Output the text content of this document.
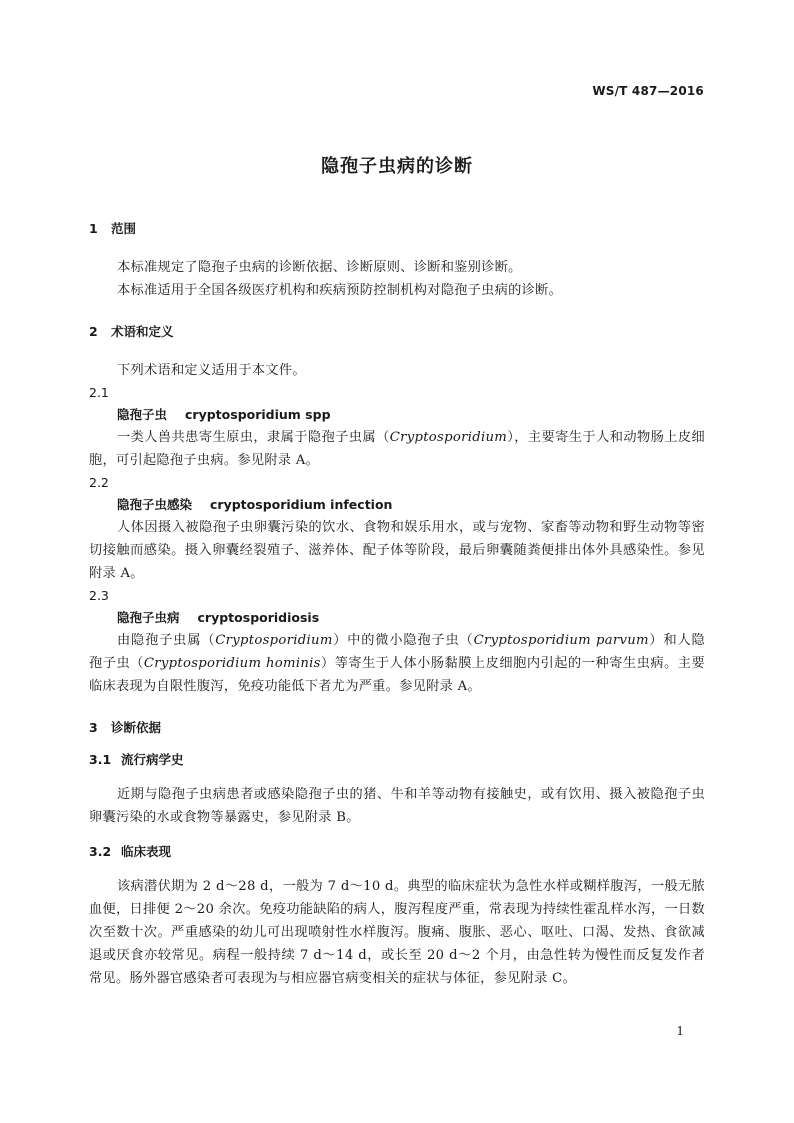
WS/T 487—2016
隐孢子虫病的诊断
1 范围
本标准规定了隐孢子虫病的诊断依据、诊断原则、诊断和鉴别诊断。
本标准适用于全国各级医疗机构和疾病预防控制机构对隐孢子虫病的诊断。
2 术语和定义
下列术语和定义适用于本文件。
2.1
隐孢子虫 cryptosporidium spp
一类人兽共患寄生原虫，隶属于隐孢子虫属（Cryptosporidium），主要寄生于人和动物肠上皮细胞，可引起隐孢子虫病。参见附录 A。
2.2
隐孢子虫感染 cryptosporidium infection
人体因摄入被隐孢子虫卵囊污染的饮水、食物和娱乐用水，或与宠物、家畜等动物和野生动物等密切接触而感染。摄入卵囊经裂殖子、滋养体、配子体等阶段，最后卵囊随粪便排出体外具感染性。参见附录 A。
2.3
隐孢子虫病 cryptosporidiosis
由隐孢子虫属（Cryptosporidium）中的微小隐孢子虫（Cryptosporidium parvum）和人隐孢子虫（Cryptosporidium hominis）等寄生于人体小肠黏膜上皮细胞内引起的一种寄生虫病。主要临床表现为自限性腹泻，免疫功能低下者尤为严重。参见附录 A。
3 诊断依据
3.1 流行病学史
近期与隐孢子虫病患者或感染隐孢子虫的猪、牛和羊等动物有接触史，或有饮用、摄入被隐孢子虫卵囊污染的水或食物等暴露史，参见附录 B。
3.2 临床表现
该病潜伏期为 2 d～28 d，一般为 7 d～10 d。典型的临床症状为急性水样或糊样腹泻，一般无脓血便，日排便 2～20 余次。免疫功能缺陷的病人，腹泻程度严重，常表现为持续性霍乱样水泻，一日数次至数十次。严重感染的幼儿可出现喷射性水样腹泻。腹痛、腹胀、恶心、呕吐、口渴、发热、食欲减退或厌食亦较常见。病程一般持续 7 d～14 d，或长至 20 d～2 个月，由急性转为慢性而反复发作者常见。肠外器官感染者可表现为与相应器官病变相关的症状与体征，参见附录 C。
1
